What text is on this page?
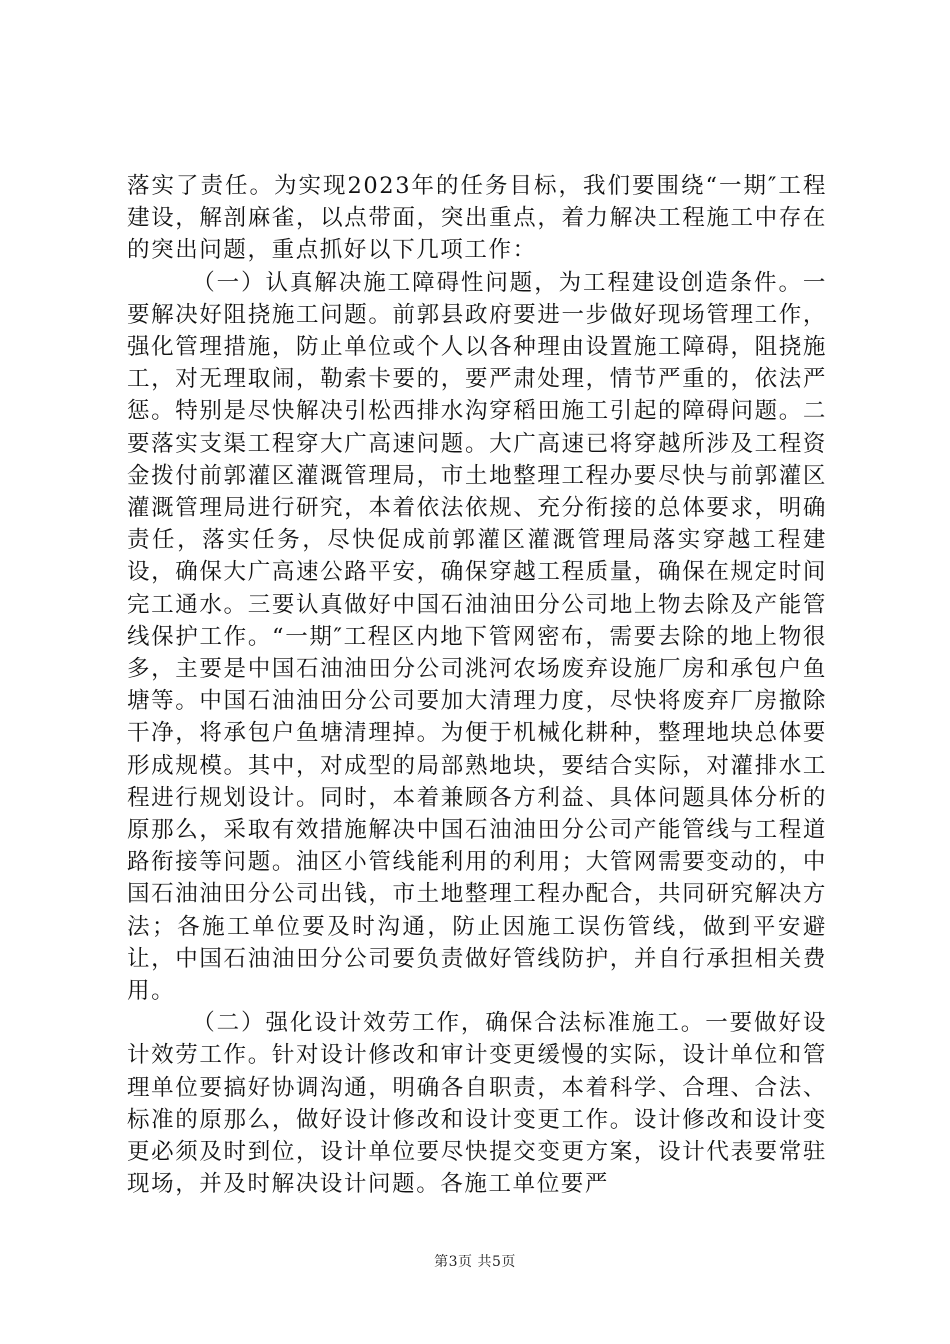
落实了责任。为实现2023年的任务目标，我们要围绕“一期″工程建设，解剖麻雀，以点带面，突出重点，着力解决工程施工中存在的突出问题，重点抓好以下几项工作：

（一）认真解决施工障碍性问题，为工程建设创造条件。一要解决好阻挠施工问题。前郭县政府要进一步做好现场管理工作，强化管理措施，防止单位或个人以各种理由设置施工障碍，阻挠施工，对无理取闹，勒索卡要的，要严肃处理，情节严重的，依法严惩。特别是尽快解决引松西排水沟穿稻田施工引起的障碍问题。二要落实支渠工程穿大广高速问题。大广高速已将穿越所涉及工程资金拨付前郭灌区灌溉管理局，市土地整理工程办要尽快与前郭灌区灌溉管理局进行研究，本着依法依规、充分衔接的总体要求，明确责任，落实任务，尽快促成前郭灌区灌溉管理局落实穿越工程建设，确保大广高速公路平安，确保穿越工程质量，确保在规定时间完工通水。三要认真做好中国石油油田分公司地上物去除及产能管线保护工作。“一期″工程区内地下管网密布，需要去除的地上物很多，主要是中国石油油田分公司洮河农场废弃设施厂房和承包户鱼塘等。中国石油油田分公司要加大清理力度，尽快将废弃厂房撤除干净，将承包户鱼塘清理掉。为便于机械化耕种，整理地块总体要形成规模。其中，对成型的局部熟地块，要结合实际，对灌排水工程进行规划设计。同时，本着兼顾各方利益、具体问题具体分析的原那么，采取有效措施解决中国石油油田分公司产能管线与工程道路衔接等问题。油区小管线能利用的利用；大管网需要变动的，中国石油油田分公司出钱，市土地整理工程办配合，共同研究解决方法；各施工单位要及时沟通，防止因施工误伤管线，做到平安避让，中国石油油田分公司要负责做好管线防护，并自行承担相关费用。

（二）强化设计效劳工作，确保合法标准施工。一要做好设计效劳工作。针对设计修改和审计变更缓慢的实际，设计单位和管理单位要搞好协调沟通，明确各自职责，本着科学、合理、合法、标准的原那么，做好设计修改和设计变更工作。设计修改和设计变更必须及时到位，设计单位要尽快提交变更方案，设计代表要常驻现场，并及时解决设计问题。各施工单位要严

第3页 共5页
